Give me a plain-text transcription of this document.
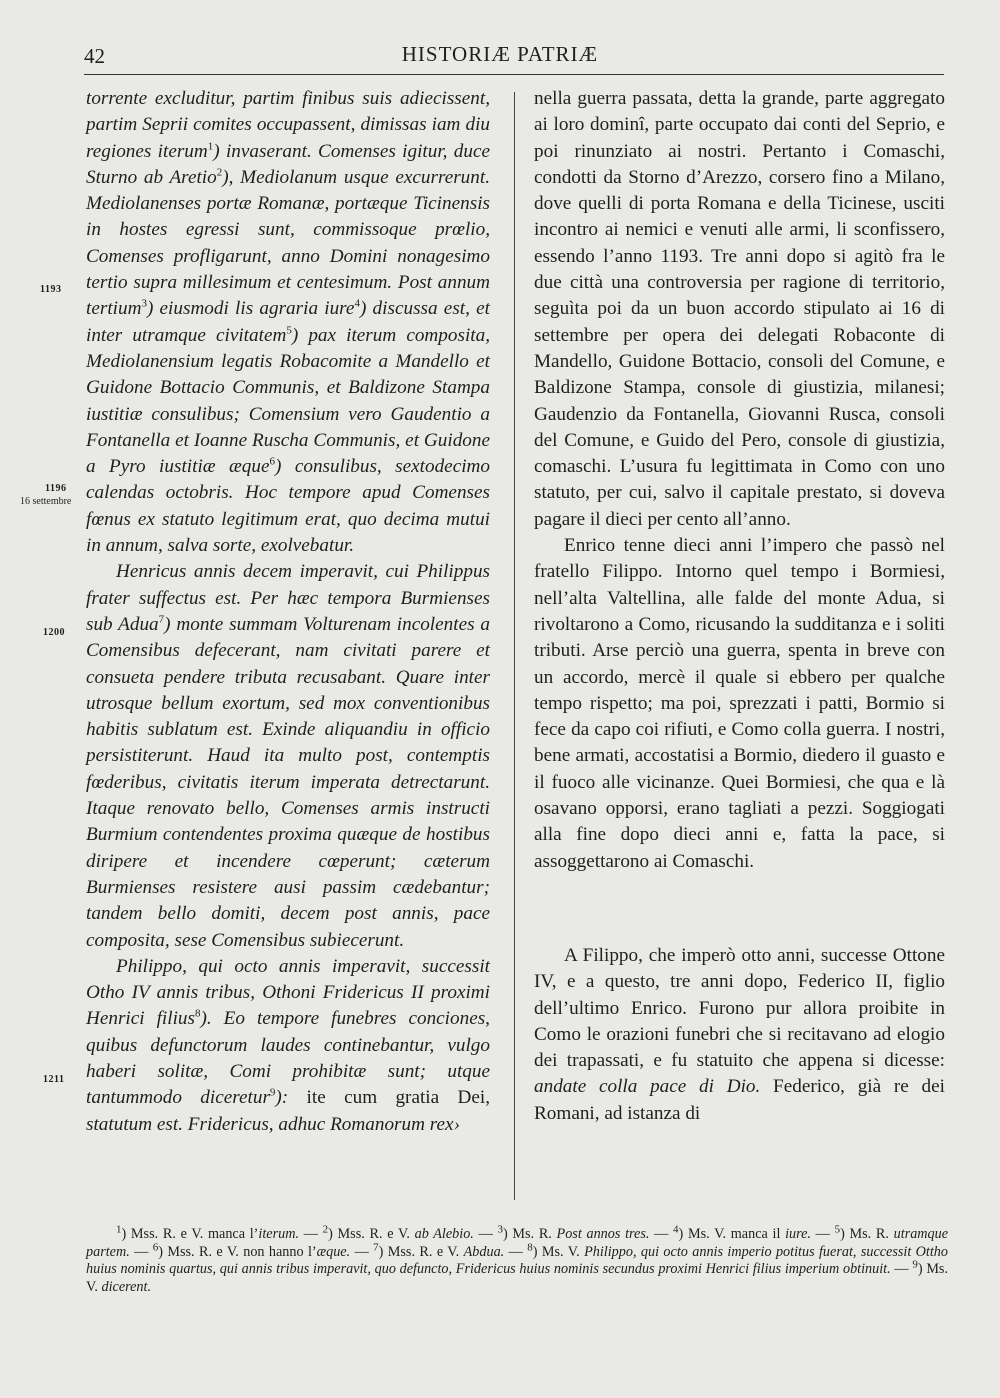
42	HISTORIÆ PATRIÆ
1193
1196
16 settembre
1200
1211

torrente excluditur, partim finibus suis adiecissent, partim Seprii comites occupassent, dimissas iam diu regiones iterum$^1$) invaserant. Comenses igitur, duce Sturno ab Aretio$^2$), Mediolanum usque excurrerunt. Mediolanenses portæ Romanæ, portæque Ticinensis in hostes egressi sunt, commissoque prœlio, Comenses profligarunt, anno Domini nonagesimo tertio supra millesimum et centesimum. Post annum tertium$^3$) eiusmodi lis agraria iure$^4$) discussa est, et inter utramque civitatem$^5$) pax iterum composita, Mediolanensium legatis Robacomite a Mandello et Guidone Bottacio Communis, et Baldizone Stampa iustitiæ consulibus; Comensium vero Gaudentio a Fontanella et Ioanne Ruscha Communis, et Guidone a Pyro iustitiæ æque$^6$) consulibus, sextodecimo calendas octobris. Hoc tempore apud Comenses fœnus ex statuto legitimum erat, quo decima mutui in annum, salva sorte, exolvebatur.

Henricus annis decem imperavit, cui Philippus frater suffectus est. Per hæc tempora Burmienses sub Adua$^7$) monte summam Volturenam incolentes a Comensibus defecerant, nam civitati parere et consueta pendere tributa recusabant. Quare inter utrosque bellum exortum, sed mox conventionibus habitis sublatum est. Exinde aliquandiu in officio persistiterunt. Haud ita multo post, contemptis fœderibus, civitatis iterum imperata detrectarunt. Itaque renovato bello, Comenses armis instructi Burmium contendentes proxima quæque de hostibus diripere et incendere cœperunt; cæterum Burmienses resistere ausi passim cædebantur; tandem bello domiti, decem post annis, pace composita, sese Comensibus subiecerunt.

Philippo, qui octo annis imperavit, successit Otho IV annis tribus, Othoni Fridericus II proximi Henrici filius$^8$). Eo tempore funebres conciones, quibus defunctorum laudes continebantur, vulgo haberi solitæ, Comi prohibitæ sunt; utque tantummodo diceretur$^9$): ite cum gratia Dei, statutum est. Fridericus, adhuc Romanorum rex›

nella guerra passata, detta la grande, parte aggregato ai loro dominî, parte occupato dai conti del Seprio, e poi rinunziato ai nostri. Pertanto i Comaschi, condotti da Storno d’Arezzo, corsero fino a Milano, dove quelli di porta Romana e della Ticinese, usciti incontro ai nemici e venuti alle armi, li sconfissero, essendo l’anno 1193. Tre anni dopo si agitò fra le due città una controversia per ragione di territorio, seguìta poi da un buon accordo stipulato ai 16 di settembre per opera dei delegati Robaconte di Mandello, Guidone Bottacio, consoli del Comune, e Baldizone Stampa, console di giustizia, milanesi; Gaudenzio da Fontanella, Giovanni Rusca, consoli del Comune, e Guido del Pero, console di giustizia, comaschi. L’usura fu legittimata in Como con uno statuto, per cui, salvo il capitale prestato, si doveva pagare il dieci per cento all’anno.

Enrico tenne dieci anni l’impero che passò nel fratello Filippo. Intorno quel tempo i Bormiesi, nell’alta Valtellina, alle falde del monte Adua, si rivoltarono a Como, ricusando la sudditanza e i soliti tributi. Arse perciò una guerra, spenta in breve con un accordo, mercè il quale si ebbero per qualche tempo rispetto; ma poi, sprezzati i patti, Bormio si fece da capo coi rifiuti, e Como colla guerra. I nostri, bene armati, accostatisi a Bormio, diedero il guasto e il fuoco alle vicinanze. Quei Bormiesi, che qua e là osavano opporsi, erano tagliati a pezzi. Soggiogati alla fine dopo dieci anni e, fatta la pace, si assoggettarono ai Comaschi.

A Filippo, che imperò otto anni, successe Ottone IV, e a questo, tre anni dopo, Federico II, figlio dell’ultimo Enrico. Furono pur allora proibite in Como le orazioni funebri che si recitavano ad elogio dei trapassati, e fu statuito che appena si dicesse: andate colla pace di Dio. Federico, già re dei Romani, ad istanza di

$^1$) Mss. R. e V. manca l’iterum. — $^2$) Mss. R. e V. ab Alebio. — $^3$) Ms. R. Post annos tres. — $^4$) Ms. V. manca il iure. — $^5$) Ms. R. utramque partem. — $^6$) Mss. R. e V. non hanno l’æque. — $^7$) Mss. R. e V. Abdua. — $^8$) Ms. V. Philippo, qui octo annis imperio potitus fuerat, successit Ottho huius nominis quartus, qui annis tribus imperavit, quo defuncto, Fridericus huius nominis secundus proximi Henrici filius imperium obtinuit. — $^9$) Ms. V. dicerent.
